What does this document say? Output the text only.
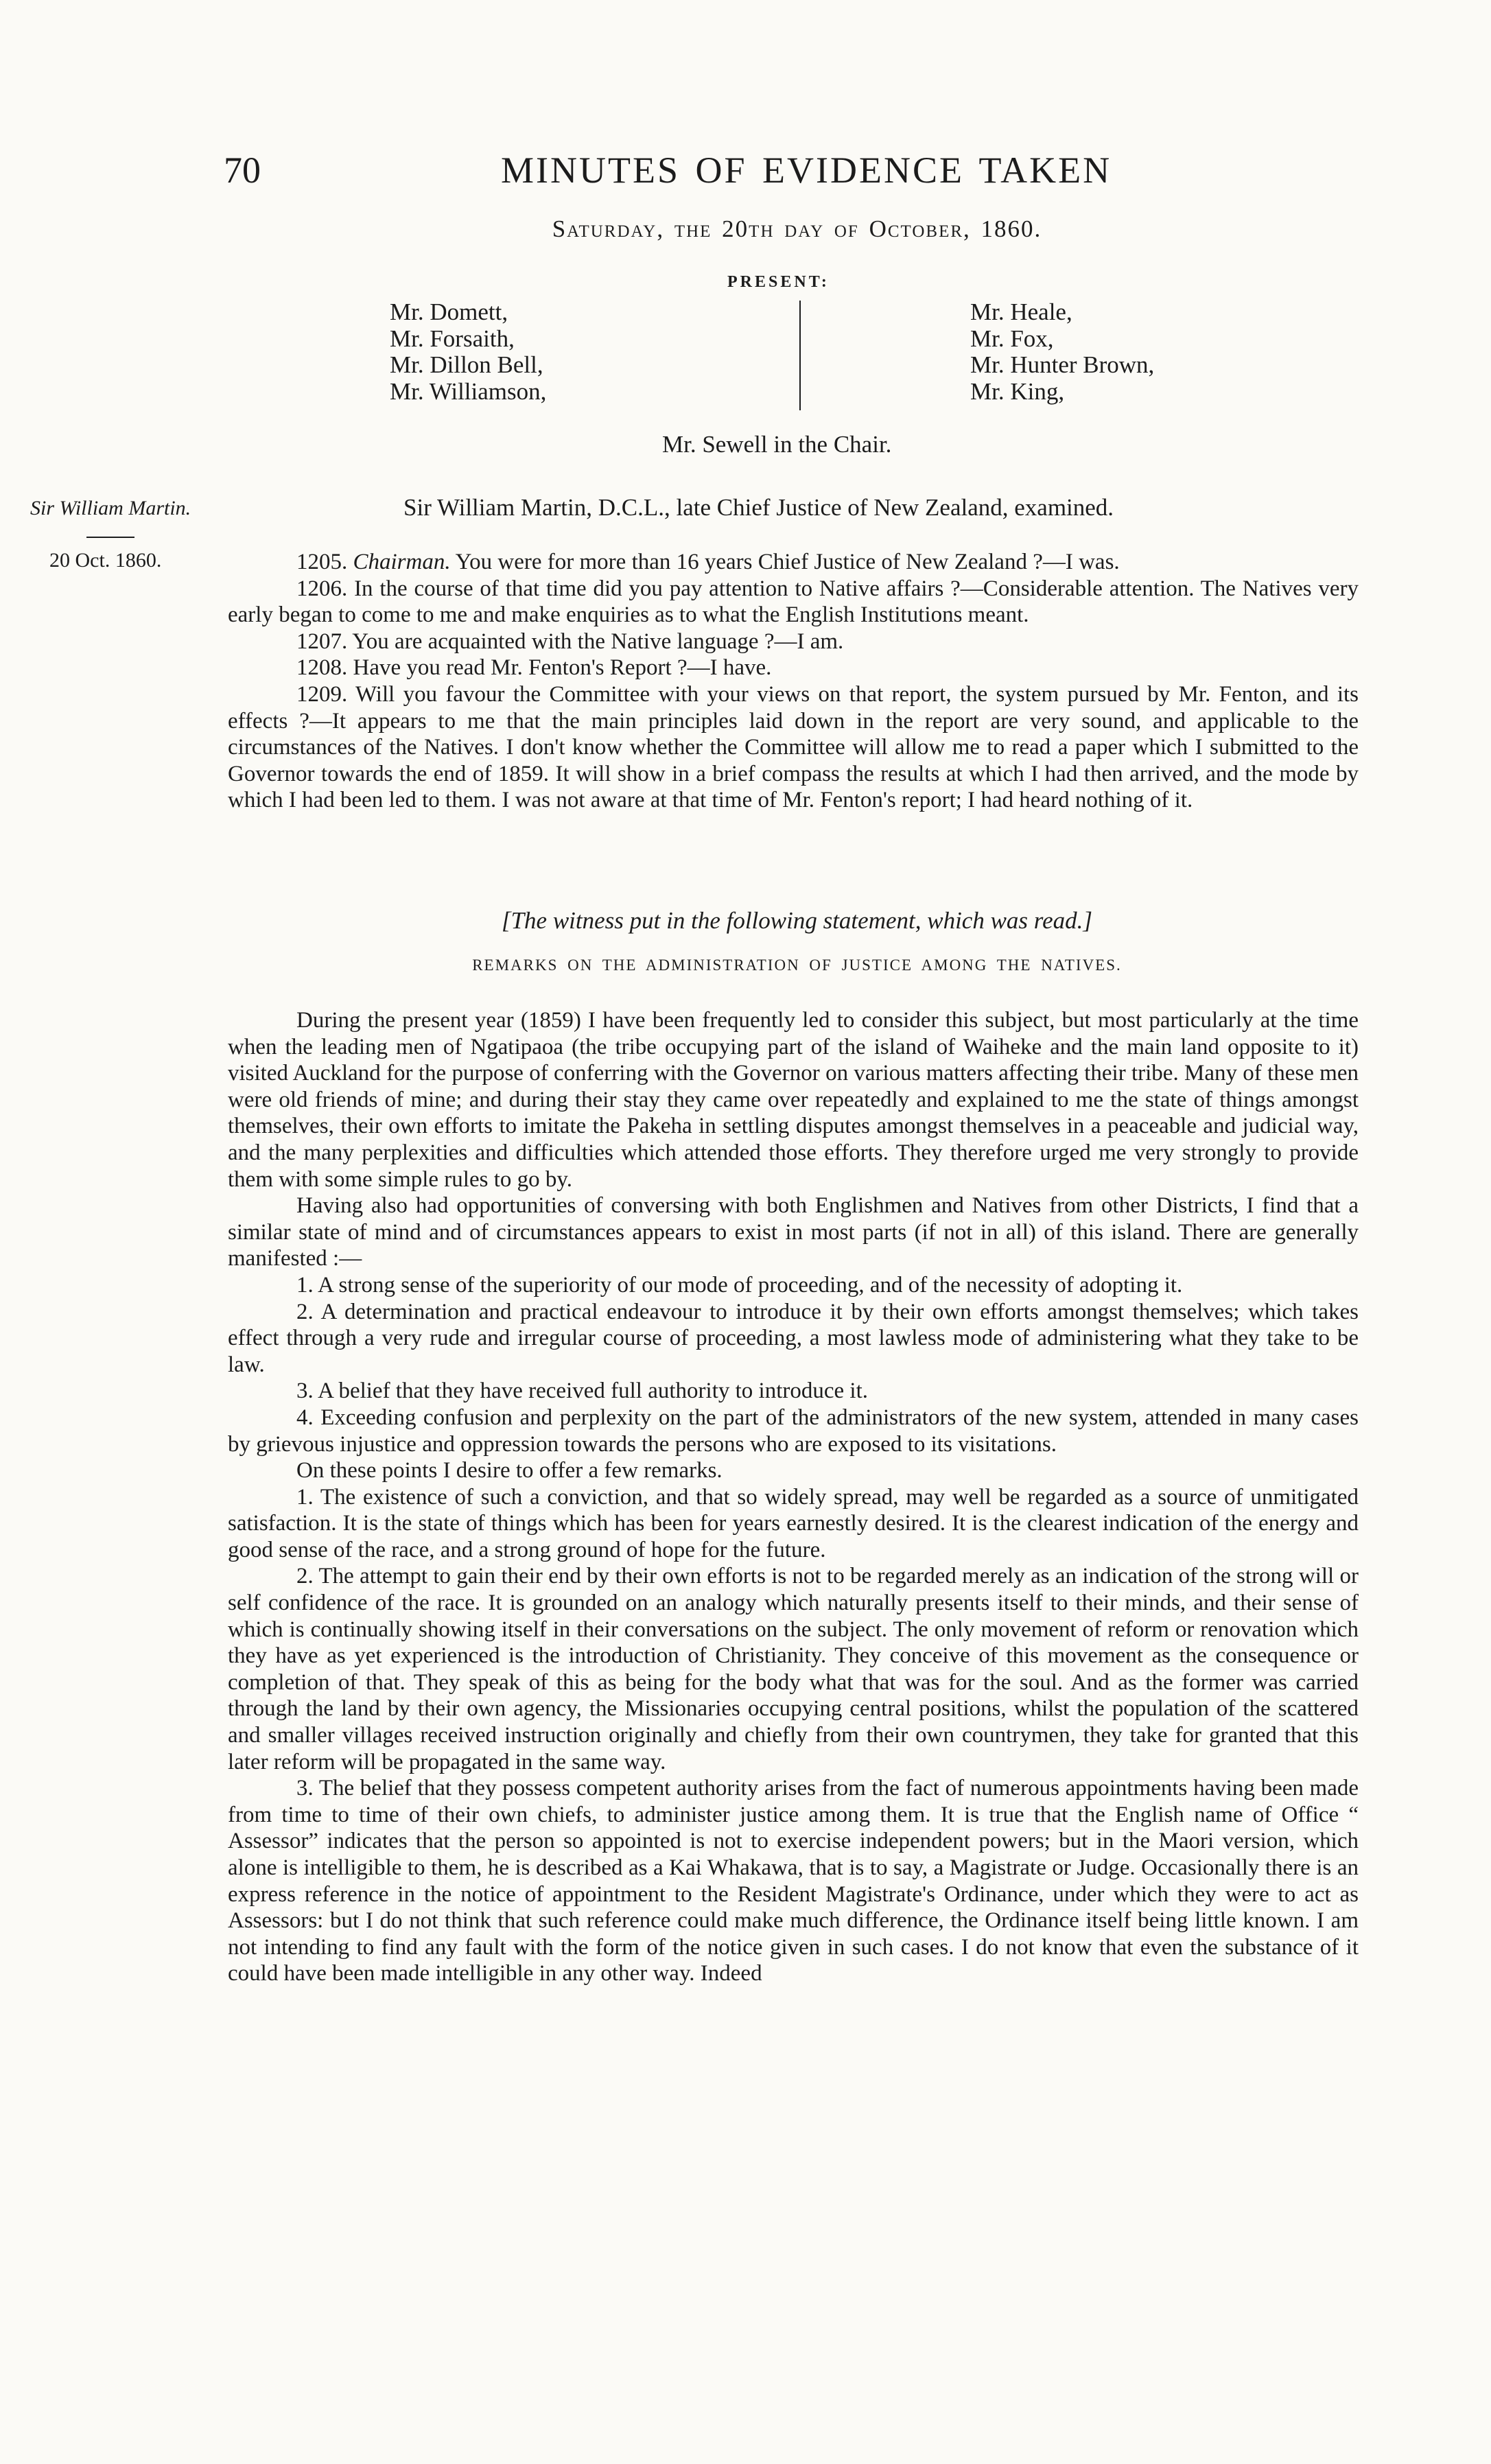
70	MINUTES OF EVIDENCE TAKEN
Saturday, the 20th day of October, 1860.
PRESENT:
Mr. Domett,
Mr. Forsaith,
Mr. Dillon Bell,
Mr. Williamson,
Mr. Heale,
Mr. Fox,
Mr. Hunter Brown,
Mr. King,
Mr. Sewell in the Chair.
Sir William Martin.	Sir William Martin, D.C.L., late Chief Justice of New Zealand, examined.
20 Oct. 1860.	1205. Chairman. You were for more than 16 years Chief Justice of New Zealand ?—I was.

1206. In the course of that time did you pay attention to Native affairs ?—Considerable attention. The Natives very early began to come to me and make enquiries as to what the English Institutions meant.

1207. You are acquainted with the Native language ?—I am.

1208. Have you read Mr. Fenton's Report ?—I have.

1209. Will you favour the Committee with your views on that report, the system pursued by Mr. Fenton, and its effects ?—It appears to me that the main principles laid down in the report are very sound, and applicable to the circumstances of the Natives. I don't know whether the Committee will allow me to read a paper which I submitted to the Governor towards the end of 1859. It will show in a brief compass the results at which I had then arrived, and the mode by which I had been led to them. I was not aware at that time of Mr. Fenton's report; I had heard nothing of it.

[The witness put in the following statement, which was read.]
REMARKS ON THE ADMINISTRATION OF JUSTICE AMONG THE NATIVES.

During the present year (1859) I have been frequently led to consider this subject, but most particularly at the time when the leading men of Ngatipaoa (the tribe occupying part of the island of Waiheke and the main land opposite to it) visited Auckland for the purpose of conferring with the Governor on various matters affecting their tribe. Many of these men were old friends of mine; and during their stay they came over repeatedly and explained to me the state of things amongst themselves, their own efforts to imitate the Pakeha in settling disputes amongst themselves in a peaceable and judicial way, and the many perplexities and difficulties which attended those efforts. They therefore urged me very strongly to provide them with some simple rules to go by.

Having also had opportunities of conversing with both Englishmen and Natives from other Districts, I find that a similar state of mind and of circumstances appears to exist in most parts (if not in all) of this island. There are generally manifested :—

1. A strong sense of the superiority of our mode of proceeding, and of the necessity of adopting it.

2. A determination and practical endeavour to introduce it by their own efforts amongst themselves; which takes effect through a very rude and irregular course of proceeding, a most lawless mode of administering what they take to be law.

3. A belief that they have received full authority to introduce it.

4. Exceeding confusion and perplexity on the part of the administrators of the new system, attended in many cases by grievous injustice and oppression towards the persons who are exposed to its visitations.

On these points I desire to offer a few remarks.

1. The existence of such a conviction, and that so widely spread, may well be regarded as a source of unmitigated satisfaction. It is the state of things which has been for years earnestly desired. It is the clearest indication of the energy and good sense of the race, and a strong ground of hope for the future.

2. The attempt to gain their end by their own efforts is not to be regarded merely as an indication of the strong will or self confidence of the race. It is grounded on an analogy which naturally presents itself to their minds, and their sense of which is continually showing itself in their conversations on the subject. The only movement of reform or renovation which they have as yet experienced is the introduction of Christianity. They conceive of this movement as the consequence or completion of that. They speak of this as being for the body what that was for the soul. And as the former was carried through the land by their own agency, the Missionaries occupying central positions, whilst the population of the scattered and smaller villages received instruction originally and chiefly from their own countrymen, they take for granted that this later reform will be propagated in the same way.

3. The belief that they possess competent authority arises from the fact of numerous appointments having been made from time to time of their own chiefs, to administer justice among them. It is true that the English name of Office “ Assessor” indicates that the person so appointed is not to exercise independent powers; but in the Maori version, which alone is intelligible to them, he is described as a Kai Whakawa, that is to say, a Magistrate or Judge. Occasionally there is an express reference in the notice of appointment to the Resident Magistrate's Ordinance, under which they were to act as Assessors: but I do not think that such reference could make much difference, the Ordinance itself being little known. I am not intending to find any fault with the form of the notice given in such cases. I do not know that even the substance of it could have been made intelligible in any other way. Indeed
